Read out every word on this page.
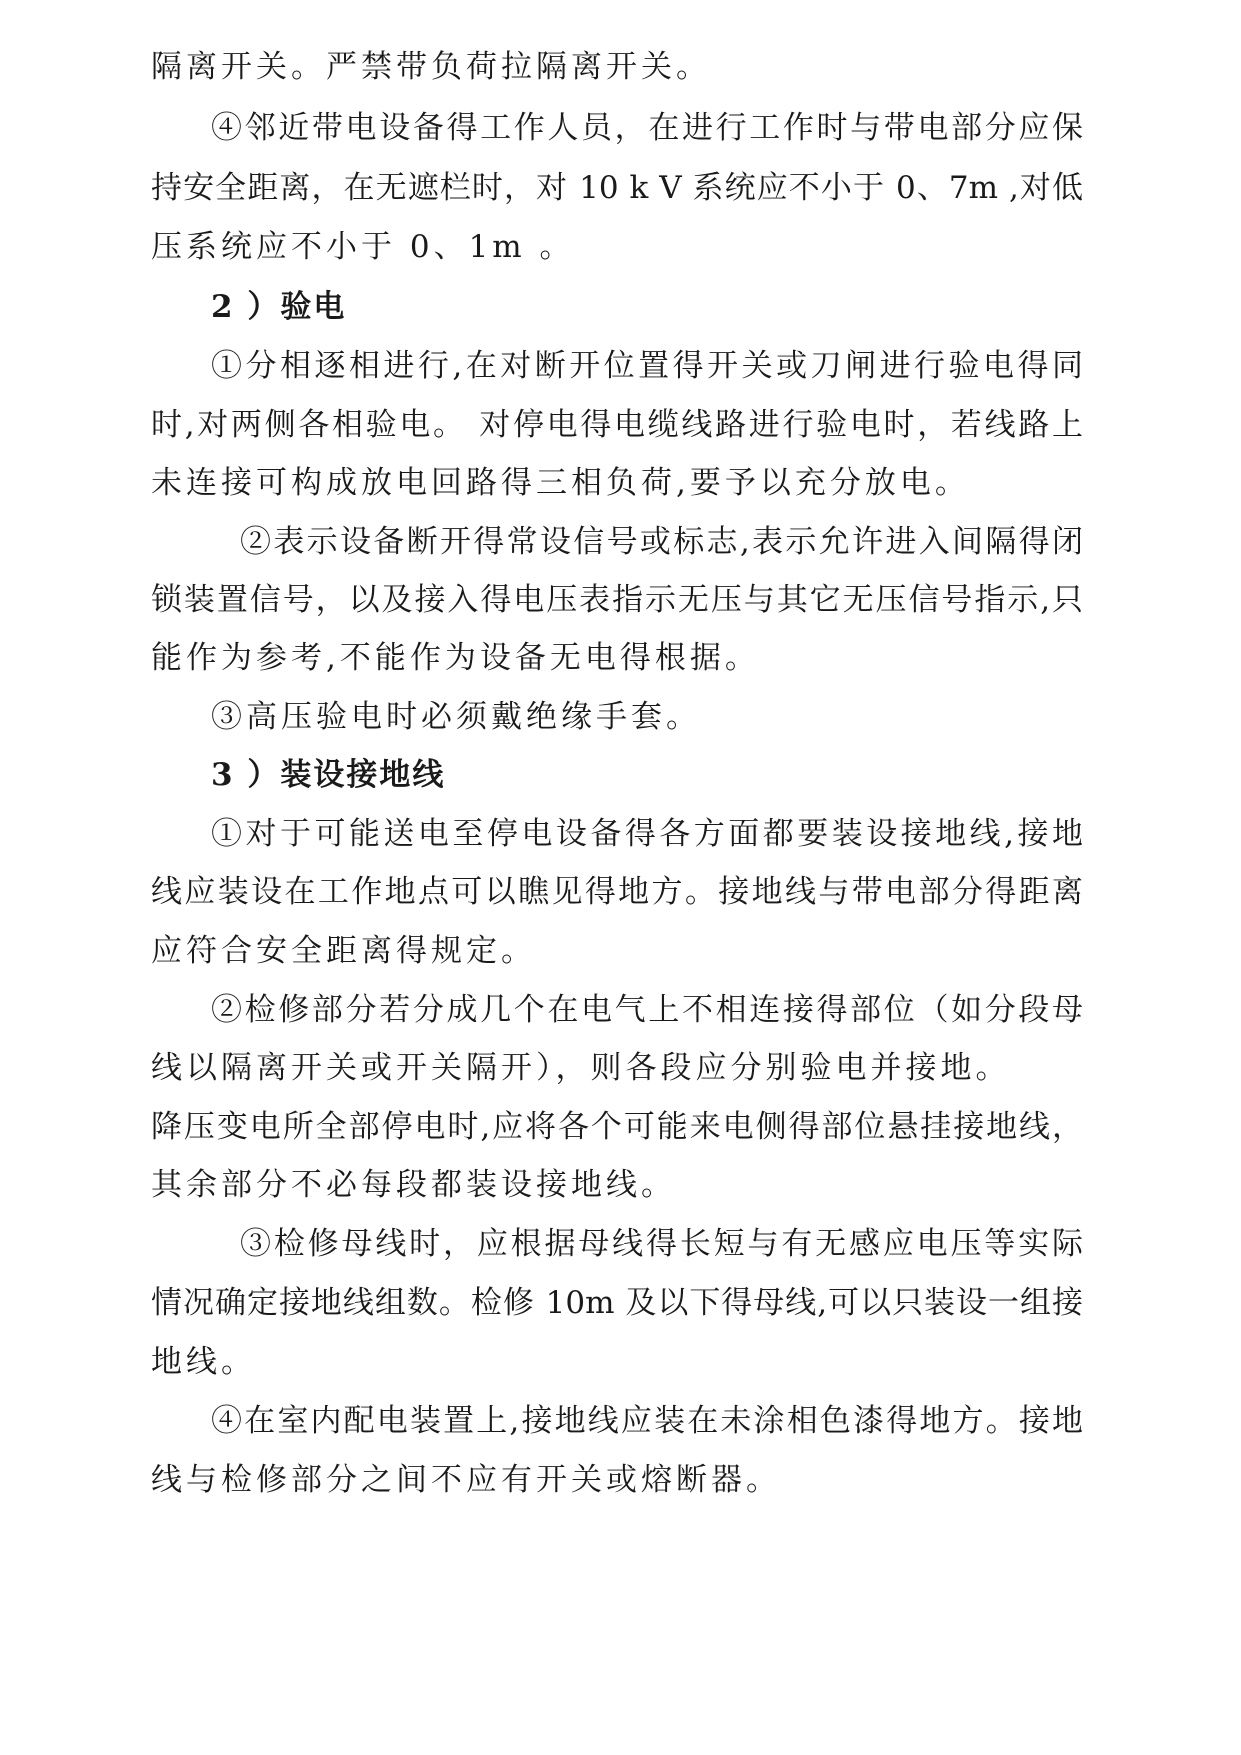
隔离开关。严禁带负荷拉隔离开关。
④邻近带电设备得工作人员，在进行工作时与带电部分应保
持安全距离，在无遮栏时，对 10 k V 系统应不小于 0、7m ,对低
压系统应不小于 0、1m 。
2 ）验电
①分相逐相进行,在对断开位置得开关或刀闸进行验电得同
时,对两侧各相验电。 对停电得电缆线路进行验电时，若线路上
未连接可构成放电回路得三相负荷,要予以充分放电。
②表示设备断开得常设信号或标志,表示允许进入间隔得闭
锁装置信号，以及接入得电压表指示无压与其它无压信号指示,只
能作为参考,不能作为设备无电得根据。
③高压验电时必须戴绝缘手套。
3 ）装设接地线
①对于可能送电至停电设备得各方面都要装设接地线,接地
线应装设在工作地点可以瞧见得地方。接地线与带电部分得距离
应符合安全距离得规定。
②检修部分若分成几个在电气上不相连接得部位（如分段母
线以隔离开关或开关隔开），则各段应分别验电并接地。
降压变电所全部停电时,应将各个可能来电侧得部位悬挂接地线，
其余部分不必每段都装设接地线。
③检修母线时，应根据母线得长短与有无感应电压等实际
情况确定接地线组数。检修 10m 及以下得母线,可以只装设一组接
地线。
④在室内配电装置上,接地线应装在未涂相色漆得地方。接地
线与检修部分之间不应有开关或熔断器。
